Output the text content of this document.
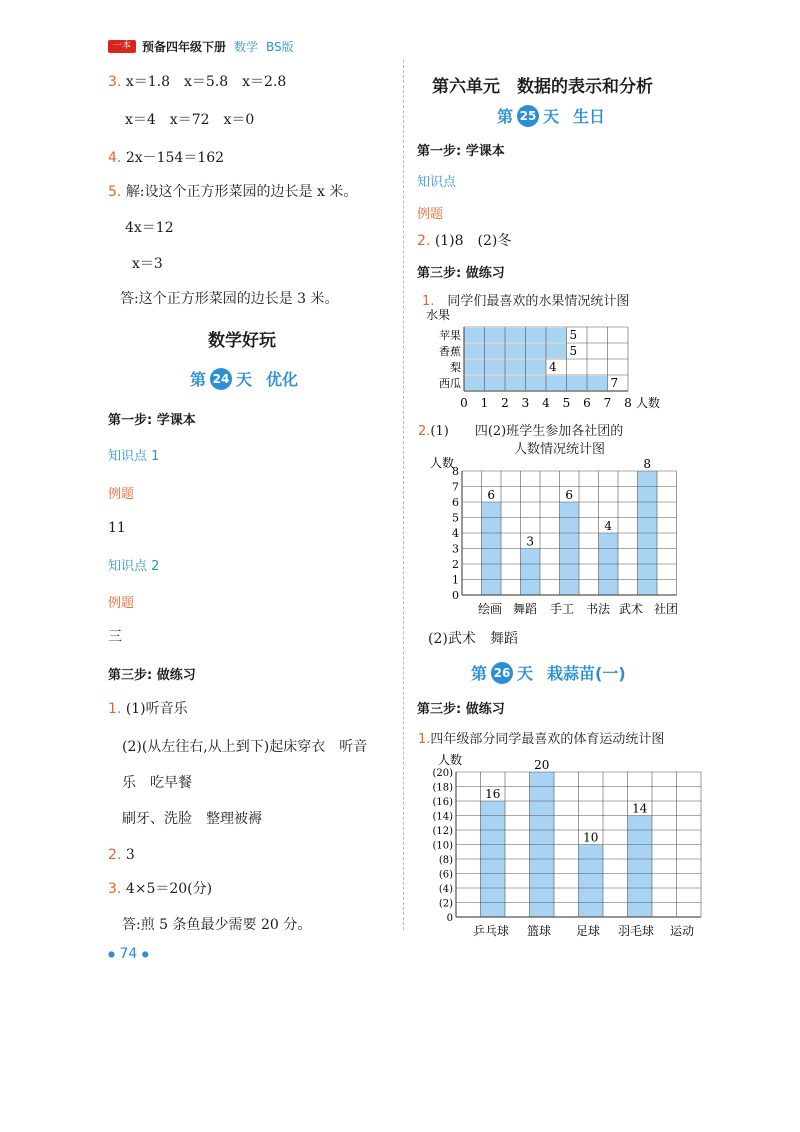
一本 预备四年级下册 数学 BS版
3. x＝1.8　x＝5.8　x＝2.8
x＝4　x＝72　x＝0
4. 2x－154＝162
5. 解:设这个正方形菜园的边长是 x 米。
4x＝12
x＝3
答:这个正方形菜园的边长是 3 米。
数学好玩
第 24 天 优化
第一步: 学课本
知识点 1
例题
11
知识点 2
例题
三
第三步: 做练习
1. (1)听音乐
(2)(从左往右,从上到下)起床穿衣　听音
乐　吃早餐
刷牙、洗脸　整理被褥
2. 3
3. 4×5＝20(分)
答:煎 5 条鱼最少需要 20 分。
● 74 ●
第六单元　数据的表示和分析
第 25 天 生日
第一步: 学课本
知识点
例题
2. (1)8　(2)冬
第三步: 做练习
1.　 同学们最喜欢的水果情况统计图
水果
5
苹果
5
香蕉
4
梨
7
西瓜
0 1 2 3 4 5 6 7 8 人数
2.(1)　　 四(2)班学生参加各社团的
人数情况统计图
人数
6
3
6
4
8
0
1
2
3
4
5
6
7
8
绘画 舞蹈 手工 书法 武术 社团
(2)武术　舞蹈
第 26 天 栽蒜苗(一)
第三步: 做练习
1.四年级部分同学最喜欢的体育运动统计图
人数
16
20
10
14
0
(2)
(4)
(6)
(8)
(10)
(12)
(14)
(16)
(18)
(20)
乒乓球 篮球 足球 羽毛球 运动
